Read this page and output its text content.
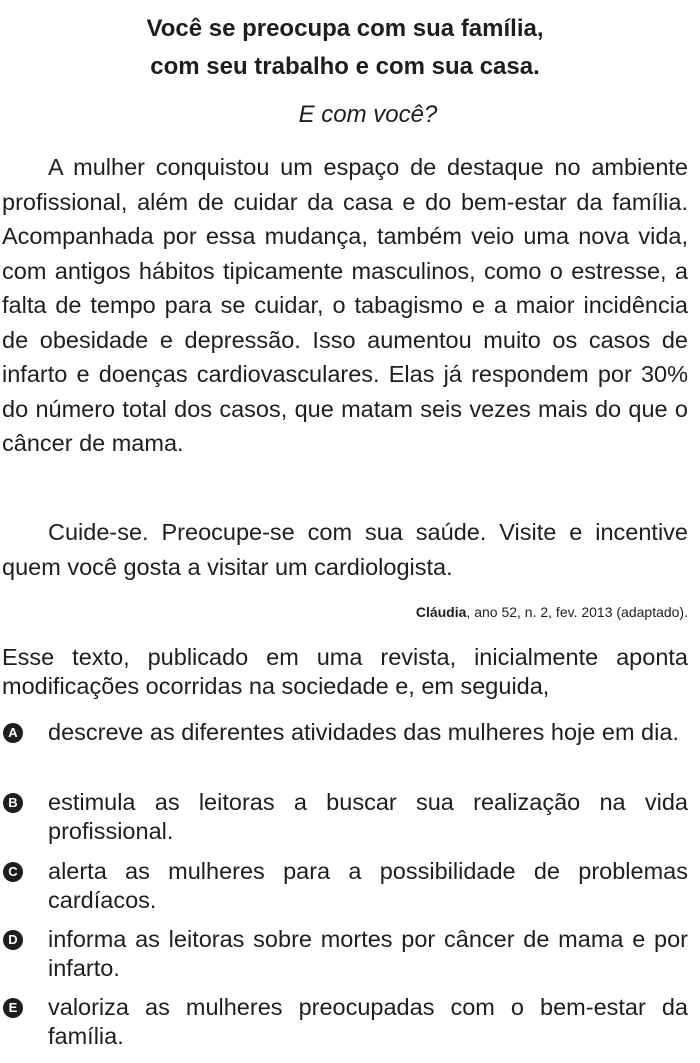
Você se preocupa com sua família,
com seu trabalho e com sua casa.
E com você?
A mulher conquistou um espaço de destaque no ambiente profissional, além de cuidar da casa e do bem-estar da família. Acompanhada por essa mudança, também veio uma nova vida, com antigos hábitos tipicamente masculinos, como o estresse, a falta de tempo para se cuidar, o tabagismo e a maior incidência de obesidade e depressão. Isso aumentou muito os casos de infarto e doenças cardiovasculares. Elas já respondem por 30% do número total dos casos, que matam seis vezes mais do que o câncer de mama.
Cuide-se. Preocupe-se com sua saúde. Visite e incentive quem você gosta a visitar um cardiologista.
Cláudia, ano 52, n. 2, fev. 2013 (adaptado).
Esse texto, publicado em uma revista, inicialmente aponta modificações ocorridas na sociedade e, em seguida,
A descreve as diferentes atividades das mulheres hoje em dia.
B estimula as leitoras a buscar sua realização na vida profissional.
C alerta as mulheres para a possibilidade de problemas cardíacos.
D informa as leitoras sobre mortes por câncer de mama e por infarto.
E valoriza as mulheres preocupadas com o bem-estar da família.
